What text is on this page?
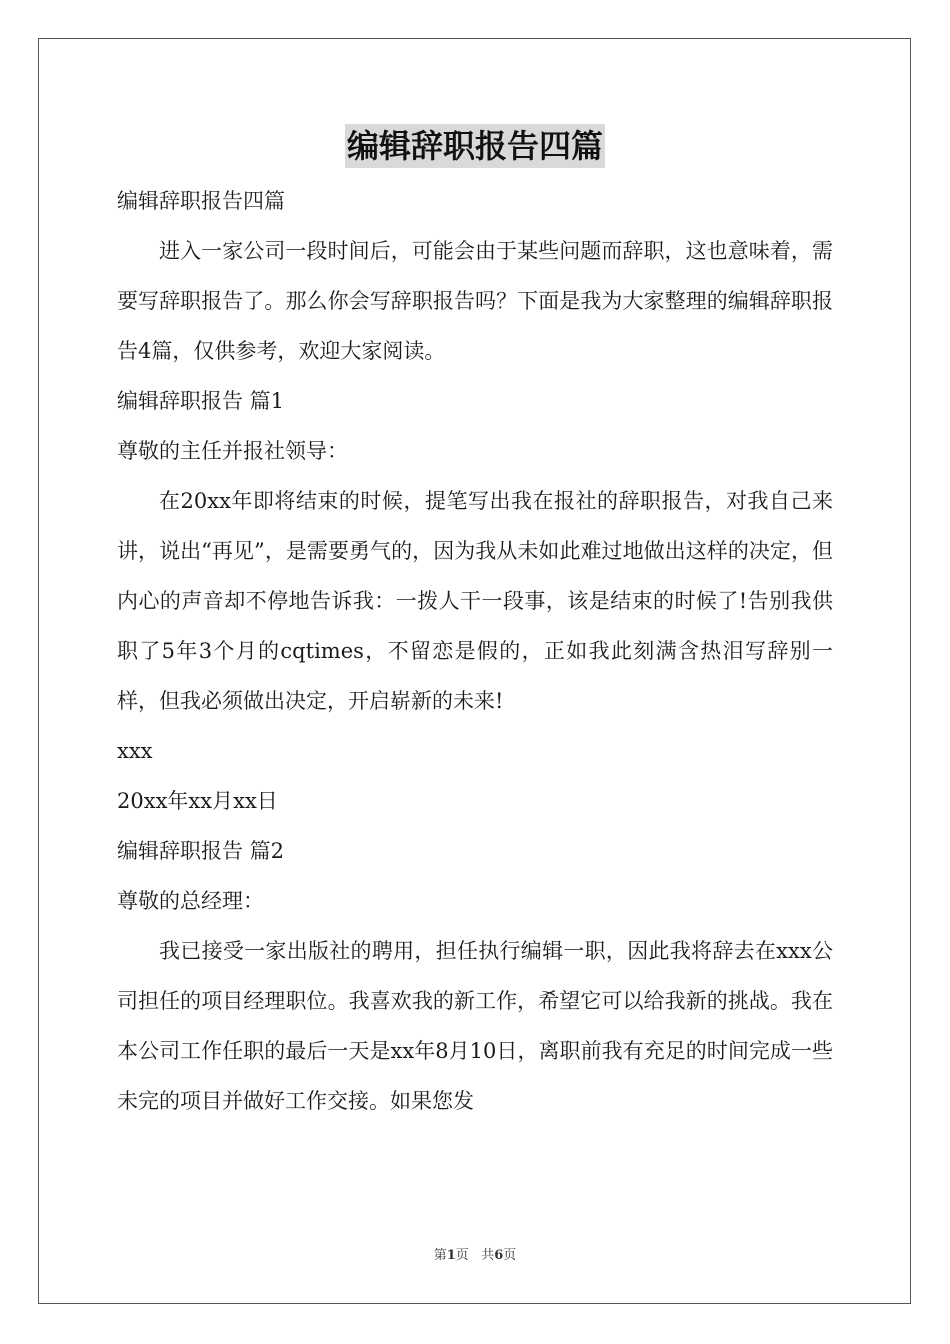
编辑辞职报告四篇
编辑辞职报告四篇
进入一家公司一段时间后，可能会由于某些问题而辞职，这也意味着，需要写辞职报告了。那么你会写辞职报告吗？下面是我为大家整理的编辑辞职报告4篇，仅供参考，欢迎大家阅读。
编辑辞职报告 篇1
尊敬的主任并报社领导：
在20xx年即将结束的时候，提笔写出我在报社的辞职报告，对我自己来讲，说出“再见”，是需要勇气的，因为我从未如此难过地做出这样的决定，但内心的声音却不停地告诉我：一拨人干一段事，该是结束的时候了!告别我供职了5年3个月的cqtimes，不留恋是假的，正如我此刻满含热泪写辞别一样，但我必须做出决定，开启崭新的未来!
xxx
20xx年xx月xx日
编辑辞职报告 篇2
尊敬的总经理：
我已接受一家出版社的聘用，担任执行编辑一职，因此我将辞去在xxx公司担任的项目经理职位。我喜欢我的新工作，希望它可以给我新的挑战。我在本公司工作任职的最后一天是xx年8月10日，离职前我有充足的时间完成一些未完的项目并做好工作交接。如果您发
第1页 共6页
